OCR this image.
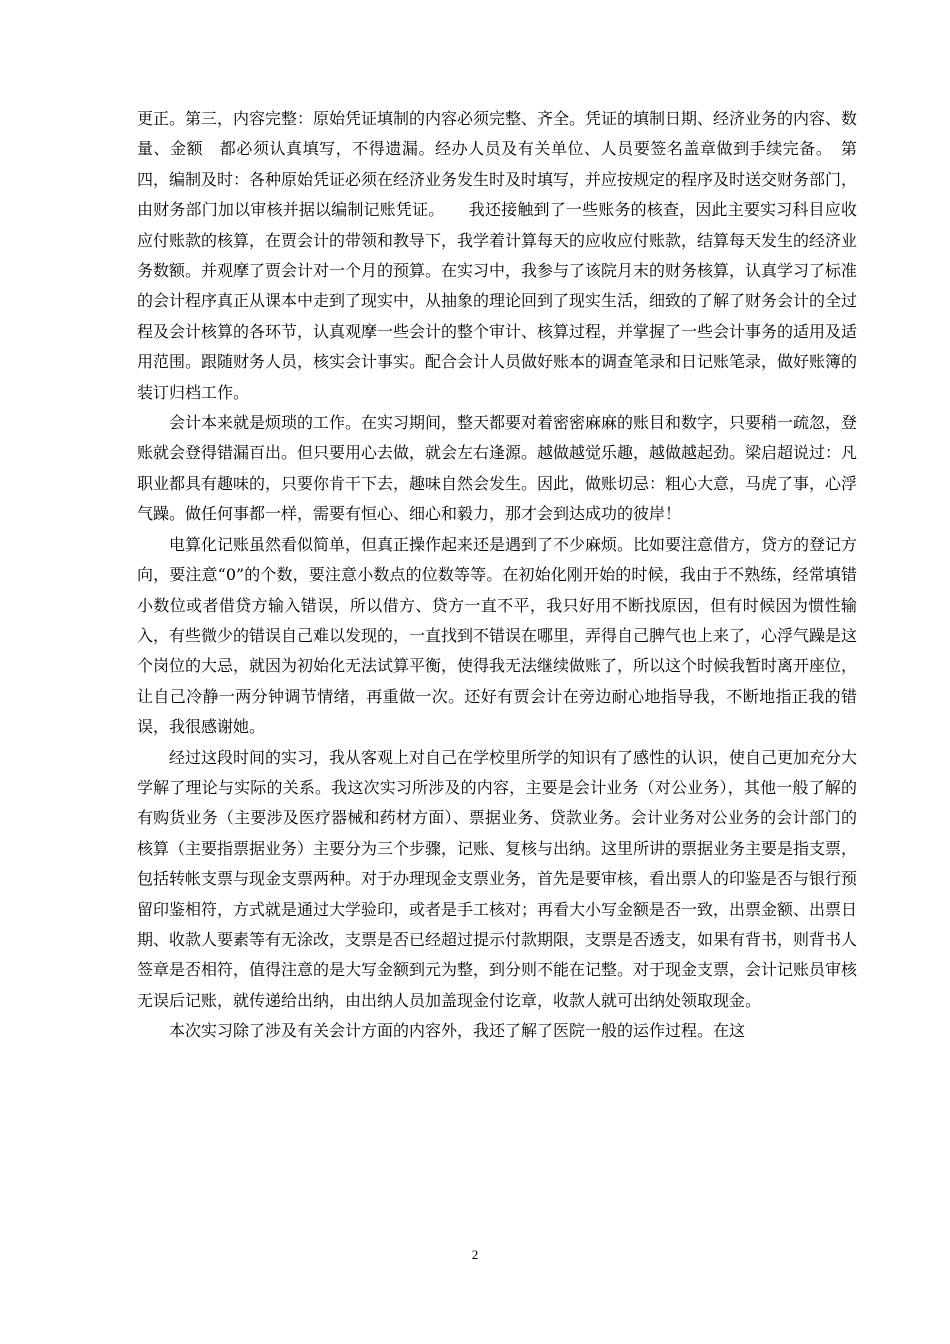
更正。第三，内容完整：原始凭证填制的内容必须完整、齐全。凭证的填制日期、经济业务的内容、数量、金额　都必须认真填写，不得遗漏。经办人员及有关单位、人员要签名盖章做到手续完备。　第四，编制及时：各种原始凭证必须在经济业务发生时及时填写，并应按规定的程序及时送交财务部门，由财务部门加以审核并据以编制记账凭证。　　我还接触到了一些账务的核查，因此主要实习科目应收应付账款的核算，在贾会计的带领和教导下，我学着计算每天的应收应付账款，结算每天发生的经济业务数额。并观摩了贾会计对一个月的预算。在实习中，我参与了该院月末的财务核算，认真学习了标准的会计程序真正从课本中走到了现实中，从抽象的理论回到了现实生活，细致的了解了财务会计的全过程及会计核算的各环节，认真观摩一些会计的整个审计、核算过程，并掌握了一些会计事务的适用及适用范围。跟随财务人员，核实会计事实。配合会计人员做好账本的调查笔录和日记账笔录，做好账簿的装订归档工作。

会计本来就是烦琐的工作。在实习期间，整天都要对着密密麻麻的账目和数字，只要稍一疏忽，登账就会登得错漏百出。但只要用心去做，就会左右逢源。越做越觉乐趣，越做越起劲。梁启超说过：凡职业都具有趣味的，只要你肯干下去，趣味自然会发生。因此，做账切忌：粗心大意，马虎了事，心浮气躁。做任何事都一样，需要有恒心、细心和毅力，那才会到达成功的彼岸！

电算化记账虽然看似简单，但真正操作起来还是遇到了不少麻烦。比如要注意借方，贷方的登记方向，要注意“0”的个数，要注意小数点的位数等等。在初始化刚开始的时候，我由于不熟练，经常填错小数位或者借贷方输入错误，所以借方、贷方一直不平，我只好用不断找原因，但有时候因为惯性输入，有些微少的错误自己难以发现的，一直找到不错误在哪里，弄得自己脾气也上来了，心浮气躁是这个岗位的大忌，就因为初始化无法试算平衡，使得我无法继续做账了，所以这个时候我暂时离开座位，让自己冷静一两分钟调节情绪，再重做一次。还好有贾会计在旁边耐心地指导我，不断地指正我的错误，我很感谢她。

经过这段时间的实习，我从客观上对自己在学校里所学的知识有了感性的认识，使自己更加充分大学解了理论与实际的关系。我这次实习所涉及的内容，主要是会计业务（对公业务），其他一般了解的有购货业务（主要涉及医疗器械和药材方面）、票据业务、贷款业务。会计业务对公业务的会计部门的核算（主要指票据业务）主要分为三个步骤，记账、复核与出纳。这里所讲的票据业务主要是指支票，包括转帐支票与现金支票两种。对于办理现金支票业务，首先是要审核，看出票人的印鉴是否与银行预留印鉴相符，方式就是通过大学验印，或者是手工核对；再看大小写金额是否一致，出票金额、出票日期、收款人要素等有无涂改，支票是否已经超过提示付款期限，支票是否透支，如果有背书，则背书人签章是否相符，值得注意的是大写金额到元为整，到分则不能在记整。对于现金支票，会计记账员审核无误后记账，就传递给出纳，由出纳人员加盖现金付讫章，收款人就可出纳处领取现金。

本次实习除了涉及有关会计方面的内容外，我还了解了医院一般的运作过程。在这

2
